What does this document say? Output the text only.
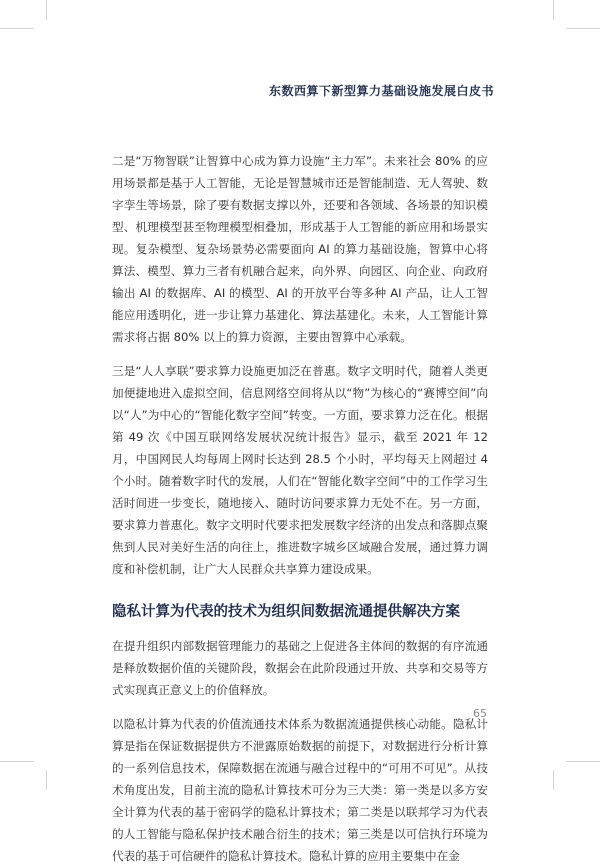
东数西算下新型算力基础设施发展白皮书

二是“万物智联”让智算中心成为算力设施“主力军”。未来社会 80% 的应用场景都是基于人工智能，无论是智慧城市还是智能制造、无人驾驶、数字孪生等场景，除了要有数据支撑以外，还要和各领域、各场景的知识模型、机理模型甚至物理模型相叠加，形成基于人工智能的新应用和场景实现。复杂模型、复杂场景势必需要面向 AI 的算力基础设施，智算中心将算法、模型、算力三者有机融合起来，向外界、向园区、向企业、向政府输出 AI 的数据库、AI 的模型、AI 的开放平台等多种 AI 产品，让人工智能应用透明化，进一步让算力基建化、算法基建化。未来，人工智能计算需求将占据 80% 以上的算力资源，主要由智算中心承载。

三是“人人享联”要求算力设施更加泛在普惠。数字文明时代，随着人类更加便捷地进入虚拟空间，信息网络空间将从以“物”为核心的“赛博空间”向以“人”为中心的“智能化数字空间”转变。一方面，要求算力泛在化。根据第 49 次《中国互联网络发展状况统计报告》显示，截至 2021 年 12 月，中国网民人均每周上网时长达到 28.5 个小时，平均每天上网超过 4 个小时。随着数字时代的发展，人们在“智能化数字空间”中的工作学习生活时间进一步变长，随地接入、随时访问要求算力无处不在。另一方面，要求算力普惠化。数字文明时代要求把发展数字经济的出发点和落脚点聚焦到人民对美好生活的向往上，推进数字城乡区域融合发展，通过算力调度和补偿机制，让广大人民群众共享算力建设成果。

隐私计算为代表的技术为组织间数据流通提供解决方案

在提升组织内部数据管理能力的基础之上促进各主体间的数据的有序流通是释放数据价值的关键阶段，数据会在此阶段通过开放、共享和交易等方式实现真正意义上的价值释放。

以隐私计算为代表的价值流通技术体系为数据流通提供核心动能。隐私计算是指在保证数据提供方不泄露原始数据的前提下，对数据进行分析计算的一系列信息技术，保障数据在流通与融合过程中的“可用不可见”。从技术角度出发，目前主流的隐私计算技术可分为三大类：第一类是以多方安全计算为代表的基于密码学的隐私计算技术；第二类是以联邦学习为代表的人工智能与隐私保护技术融合衍生的技术；第三类是以可信执行环境为代表的基于可信硬件的隐私计算技术。隐私计算的应用主要集中在金

65
